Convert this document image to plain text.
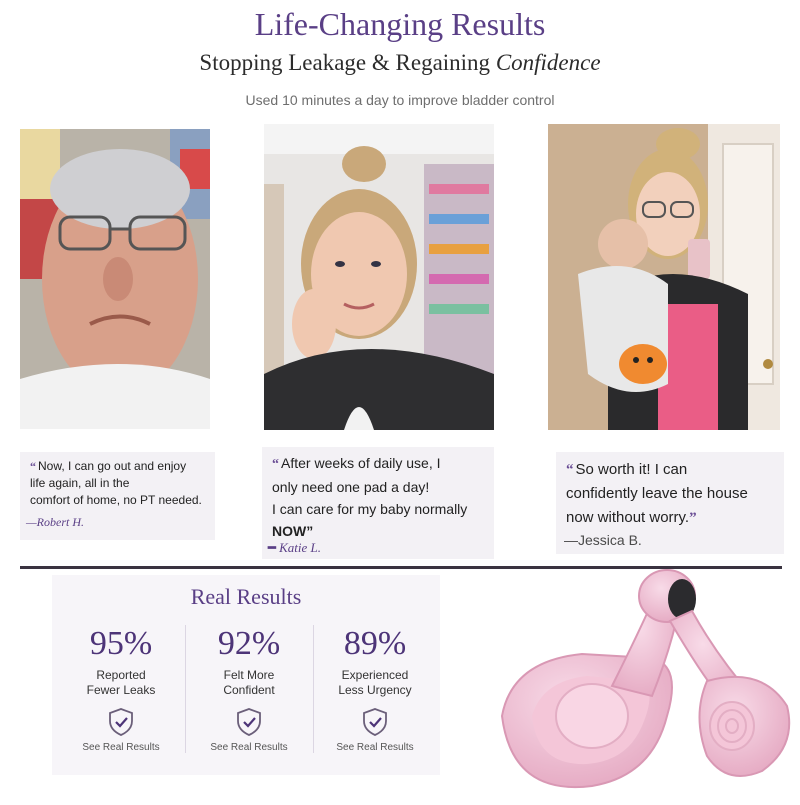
Life-Changing Results
Stopping Leakage & Regaining Confidence
Used 10 minutes a day to improve bladder control
“ Now, I can go out and enjoy
life again, all in the
comfort of home, no PT needed.
—Robert H.
“ After weeks of daily use, I
only need one pad a day!
I can care for my baby normally
NOW”
━ Katie L.
“ So worth it! I can
confidently leave the house
now without worry.”
—Jessica B.
Real Results
95%
Reported
Fewer Leaks
See Real Results
92%
Felt More
Confident
See Real Results
89%
Experienced
Less Urgency
See Real Results
